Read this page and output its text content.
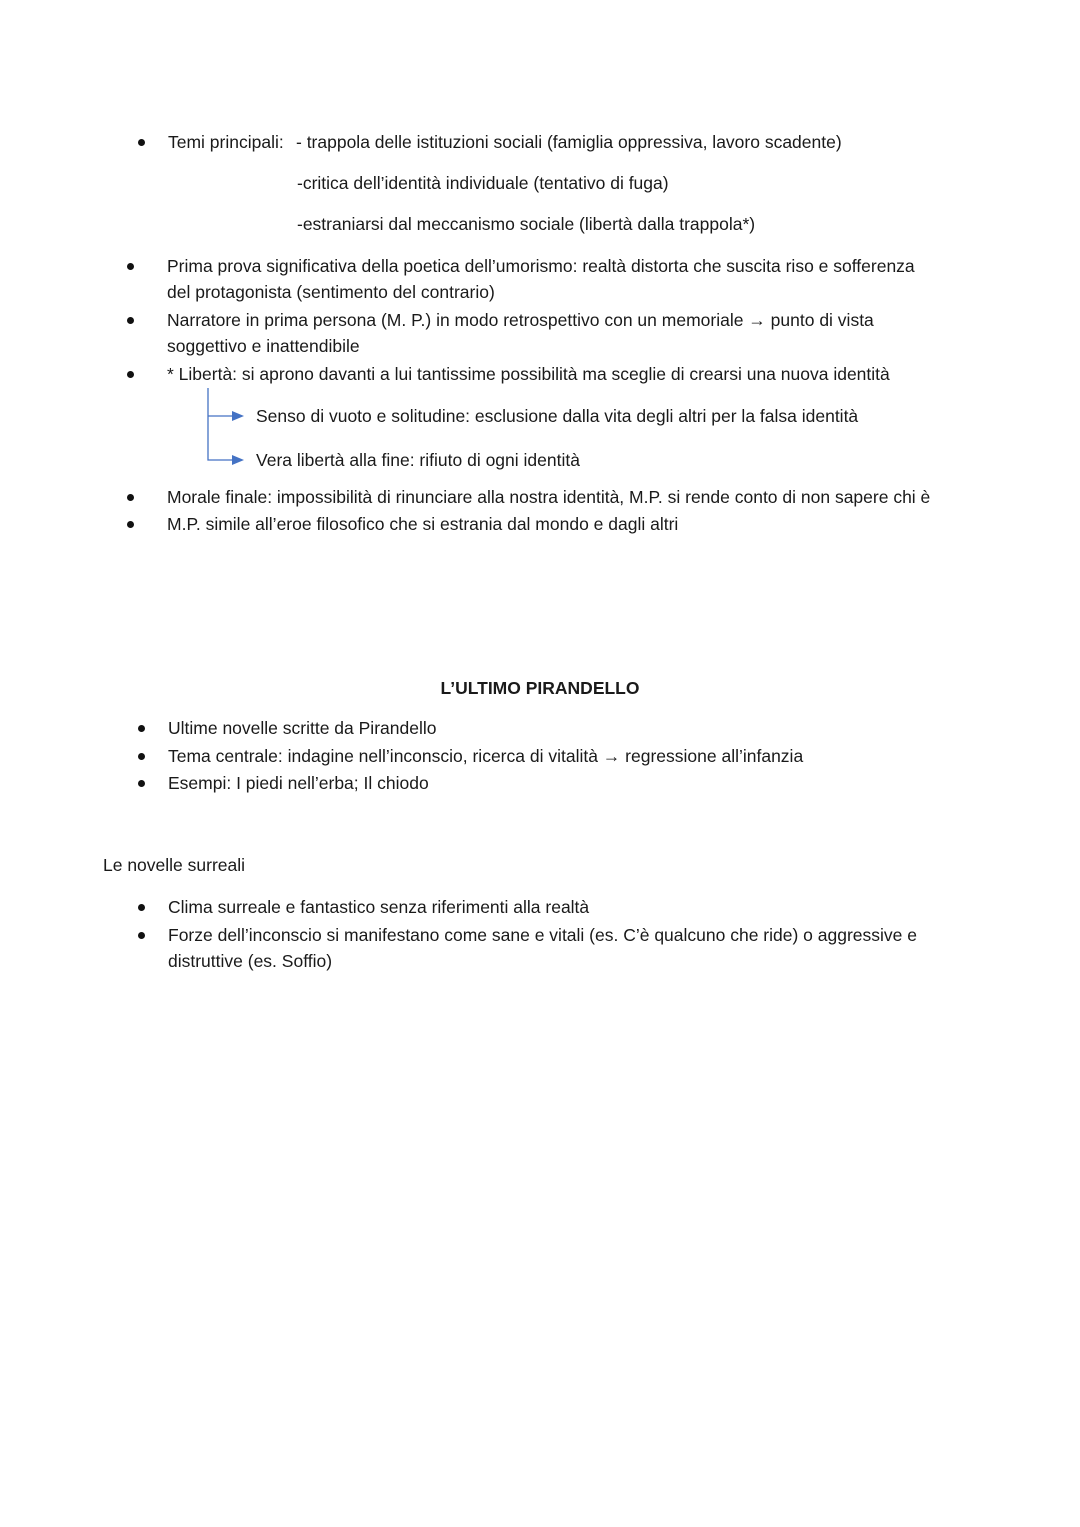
Temi principali: - trappola delle istituzioni sociali (famiglia oppressiva, lavoro scadente)
-critica dell’identità individuale (tentativo di fuga)
-estraniarsi dal meccanismo sociale (libertà dalla trappola*)
Prima prova significativa della poetica dell’umorismo: realtà distorta che suscita riso e sofferenza
del protagonista (sentimento del contrario)
Narratore in prima persona (M. P.) in modo retrospettivo con un memoriale → punto di vista
soggettivo e inattendibile
* Libertà: si aprono davanti a lui tantissime possibilità ma sceglie di crearsi una nuova identità
Senso di vuoto e solitudine: esclusione dalla vita degli altri per la falsa identità
Vera libertà alla fine: rifiuto di ogni identità
Morale finale: impossibilità di rinunciare alla nostra identità, M.P. si rende conto di non sapere chi è
M.P. simile all’eroe filosofico che si estrania dal mondo e dagli altri
L’ULTIMO PIRANDELLO
Ultime novelle scritte da Pirandello
Tema centrale: indagine nell’inconscio, ricerca di vitalità → regressione all’infanzia
Esempi: I piedi nell’erba; Il chiodo
Le novelle surreali
Clima surreale e fantastico senza riferimenti alla realtà
Forze dell’inconscio si manifestano come sane e vitali (es. C’è qualcuno che ride) o aggressive e
distruttive (es. Soffio)
